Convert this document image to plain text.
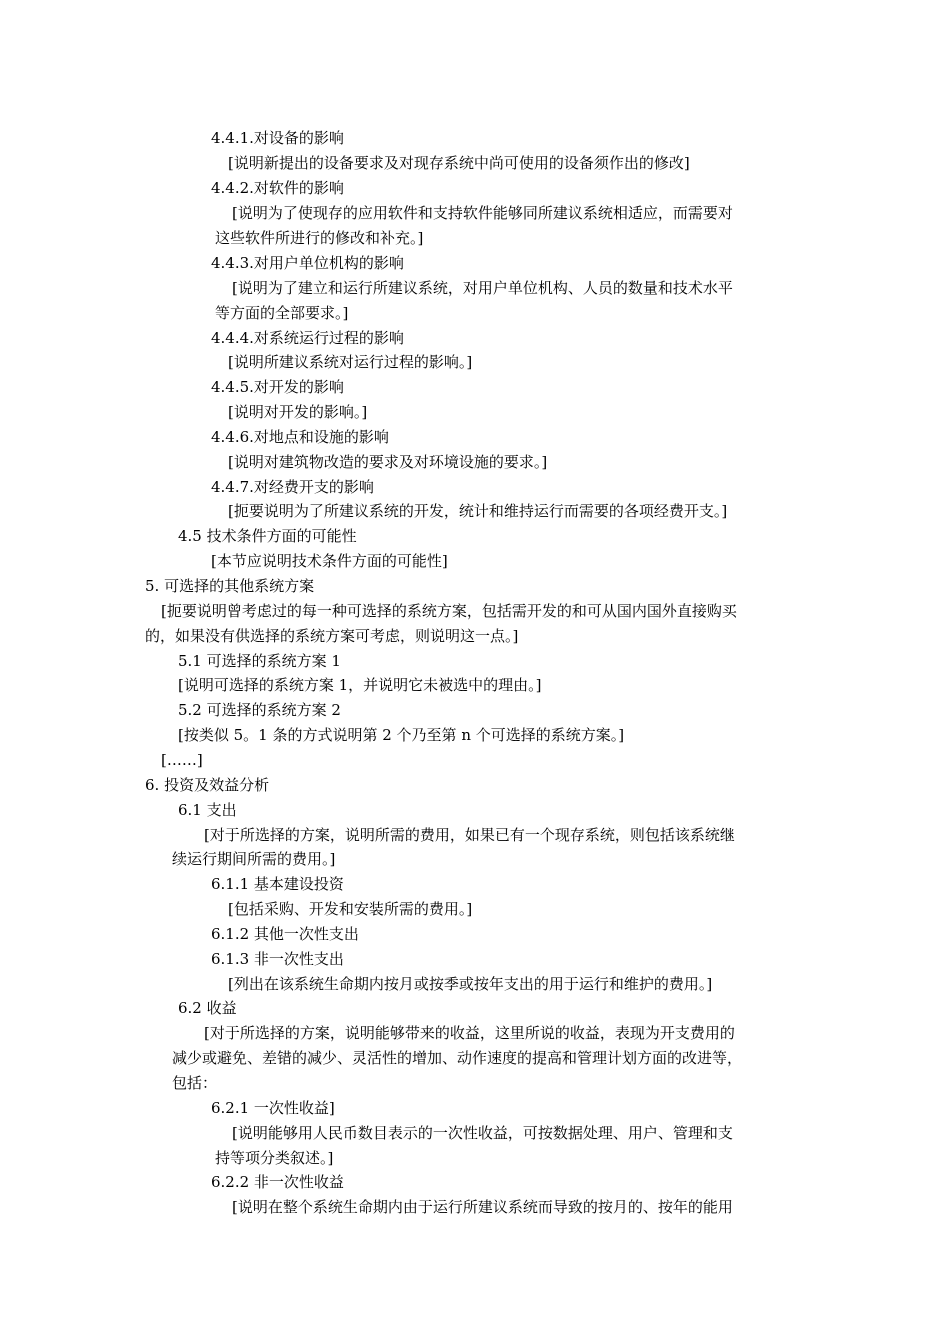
4.4.1.对设备的影响
[说明新提出的设备要求及对现存系统中尚可使用的设备须作出的修改]
4.4.2.对软件的影响
[说明为了使现存的应用软件和支持软件能够同所建议系统相适应，而需要对
这些软件所进行的修改和补充。]
4.4.3.对用户单位机构的影响
[说明为了建立和运行所建议系统，对用户单位机构、人员的数量和技术水平
等方面的全部要求。]
4.4.4.对系统运行过程的影响
[说明所建议系统对运行过程的影响。]
4.4.5.对开发的影响
[说明对开发的影响。]
4.4.6.对地点和设施的影响
[说明对建筑物改造的要求及对环境设施的要求。]
4.4.7.对经费开支的影响
[扼要说明为了所建议系统的开发，统计和维持运行而需要的各项经费开支。]
4.5 技术条件方面的可能性
[本节应说明技术条件方面的可能性]
5. 可选择的其他系统方案
[扼要说明曾考虑过的每一种可选择的系统方案，包括需开发的和可从国内国外直接购买
的，如果没有供选择的系统方案可考虑，则说明这一点。]
5.1 可选择的系统方案 1
[说明可选择的系统方案 1，并说明它未被选中的理由。]
5.2 可选择的系统方案 2
[按类似 5。1 条的方式说明第 2 个乃至第 n 个可选择的系统方案。]
[……]
6. 投资及效益分析
6.1 支出
[对于所选择的方案，说明所需的费用，如果已有一个现存系统，则包括该系统继
续运行期间所需的费用。]
6.1.1 基本建设投资
[包括采购、开发和安装所需的费用。]
6.1.2 其他一次性支出
6.1.3 非一次性支出
[列出在该系统生命期内按月或按季或按年支出的用于运行和维护的费用。]
6.2 收益
[对于所选择的方案，说明能够带来的收益，这里所说的收益，表现为开支费用的
减少或避免、差错的减少、灵活性的增加、动作速度的提高和管理计划方面的改进等，
包括：
6.2.1 一次性收益]
[说明能够用人民币数目表示的一次性收益，可按数据处理、用户、管理和支
持等项分类叙述。]
6.2.2 非一次性收益
[说明在整个系统生命期内由于运行所建议系统而导致的按月的、按年的能用
